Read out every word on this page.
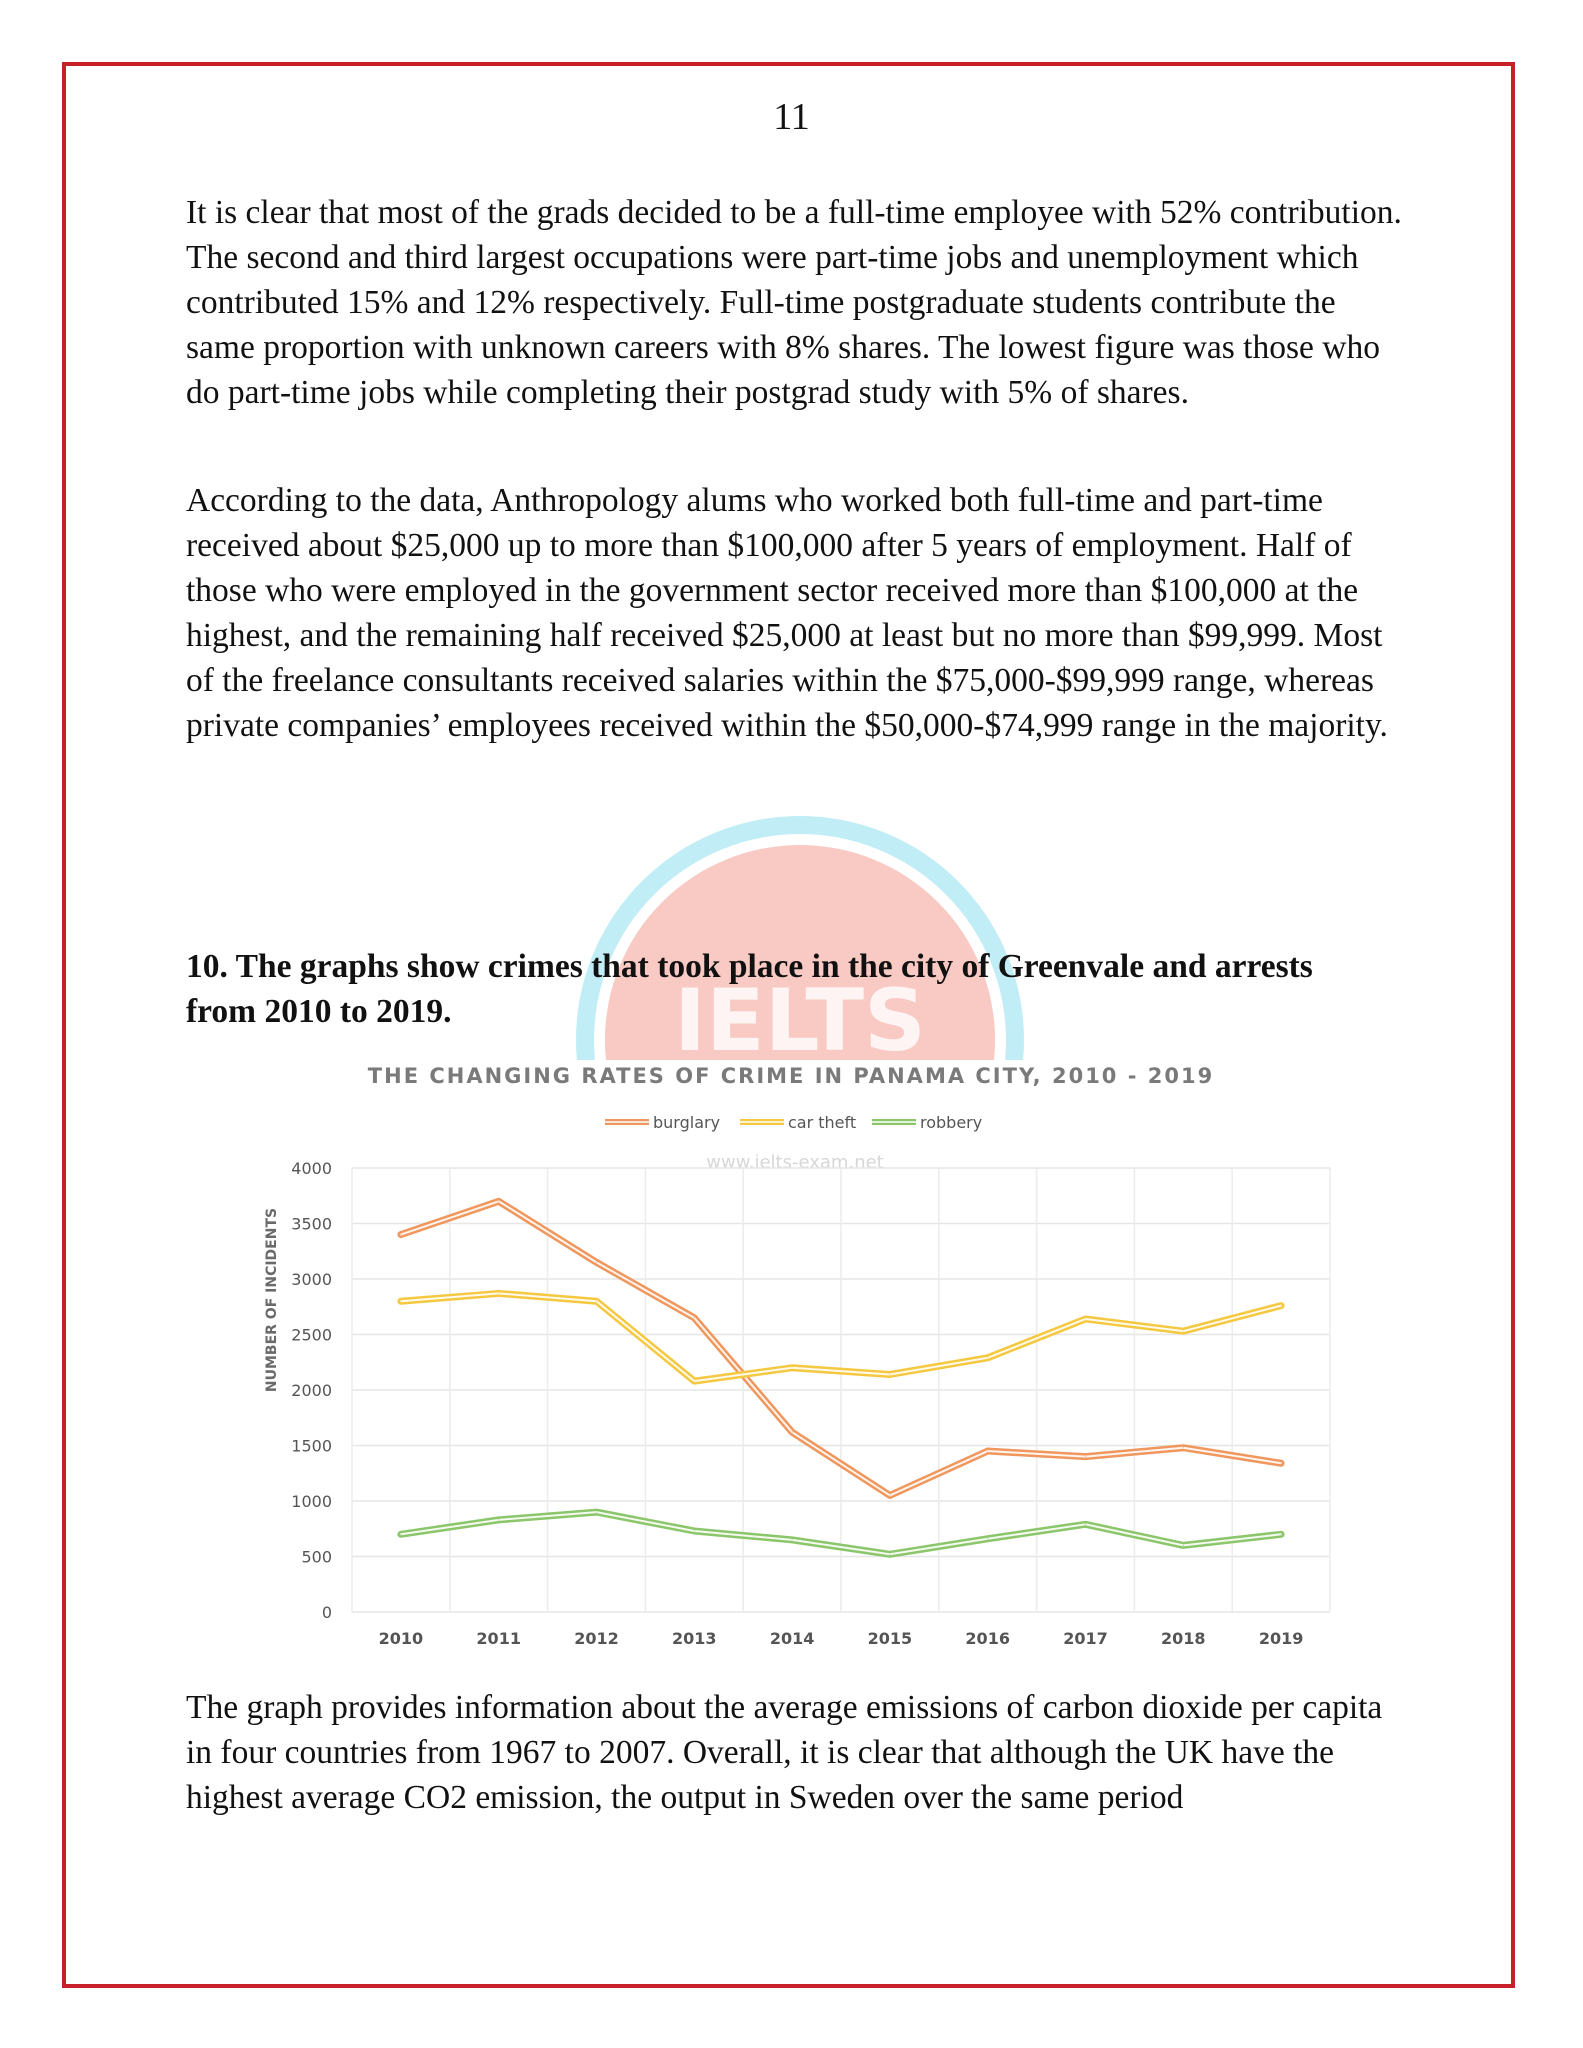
11

It is clear that most of the grads decided to be a full-time employee with 52% contribution. The second and third largest occupations were part-time jobs and unemployment which contributed 15% and 12% respectively. Full-time postgraduate students contribute the same proportion with unknown careers with 8% shares. The lowest figure was those who do part-time jobs while completing their postgrad study with 5% of shares.

According to the data, Anthropology alums who worked both full-time and part-time received about $25,000 up to more than $100,000 after 5 years of employment. Half of those who were employed in the government sector received more than $100,000 at the highest, and the remaining half received $25,000 at least but no more than $99,999. Most of the freelance consultants received salaries within the $75,000-$99,999 range, whereas private companies’ employees received within the $50,000-$74,999 range in the majority.

IELTS
10. The graphs show crimes that took place in the city of Greenvale and arrests from 2010 to 2019.
THE CHANGING RATES OF CRIME IN PANAMA CITY, 2010 - 2019
www.ielts-exam.net
0
500
1000
1500
2000
2500
3000
3500
4000
2010	2011	2012	2013	2014	2015	2016	2017	2018	2019
burglary	car theft	robbery
NUMBER OF INCIDENTS

The graph provides information about the average emissions of carbon dioxide per capita in four countries from 1967 to 2007. Overall, it is clear that although the UK have the highest average CO2 emission, the output in Sweden over the same period
